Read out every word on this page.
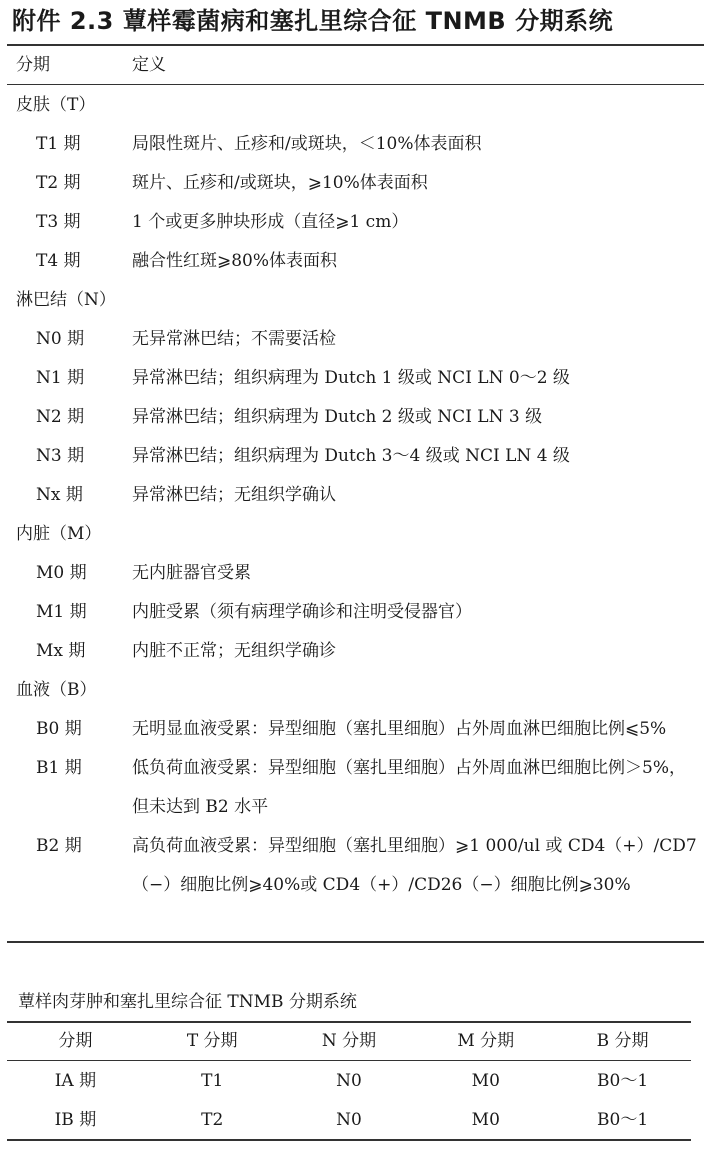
附件 2.3 蕈样霉菌病和塞扎里综合征 TNMB 分期系统
分期	定义
皮肤（T）
T1 期	局限性斑片、丘疹和/或斑块，＜10%体表面积
T2 期	斑片、丘疹和/或斑块，⩾10%体表面积
T3 期	1 个或更多肿块形成（直径⩾1 cm）
T4 期	融合性红斑⩾80%体表面积
淋巴结（N）
N0 期	无异常淋巴结；不需要活检
N1 期	异常淋巴结；组织病理为 Dutch 1 级或 NCI LN 0～2 级
N2 期	异常淋巴结；组织病理为 Dutch 2 级或 NCI LN 3 级
N3 期	异常淋巴结；组织病理为 Dutch 3～4 级或 NCI LN 4 级
Nx 期	异常淋巴结；无组织学确认
内脏（M）
M0 期	无内脏器官受累
M1 期	内脏受累（须有病理学确诊和注明受侵器官）
Mx 期	内脏不正常；无组织学确诊
血液（B）
B0 期	无明显血液受累：异型细胞（塞扎里细胞）占外周血淋巴细胞比例⩽5%
B1 期	低负荷血液受累：异型细胞（塞扎里细胞）占外周血淋巴细胞比例＞5%，但未达到 B2 水平
B2 期	高负荷血液受累：异型细胞（塞扎里细胞）⩾1 000/ul 或 CD4（+）/CD7（−）细胞比例⩾40%或 CD4（+）/CD26（−）细胞比例⩾30%
蕈样肉芽肿和塞扎里综合征 TNMB 分期系统
分期	T 分期	N 分期	M 分期	B 分期
ⅠA 期	T1	N0	M0	B0～1
ⅠB 期	T2	N0	M0	B0～1
